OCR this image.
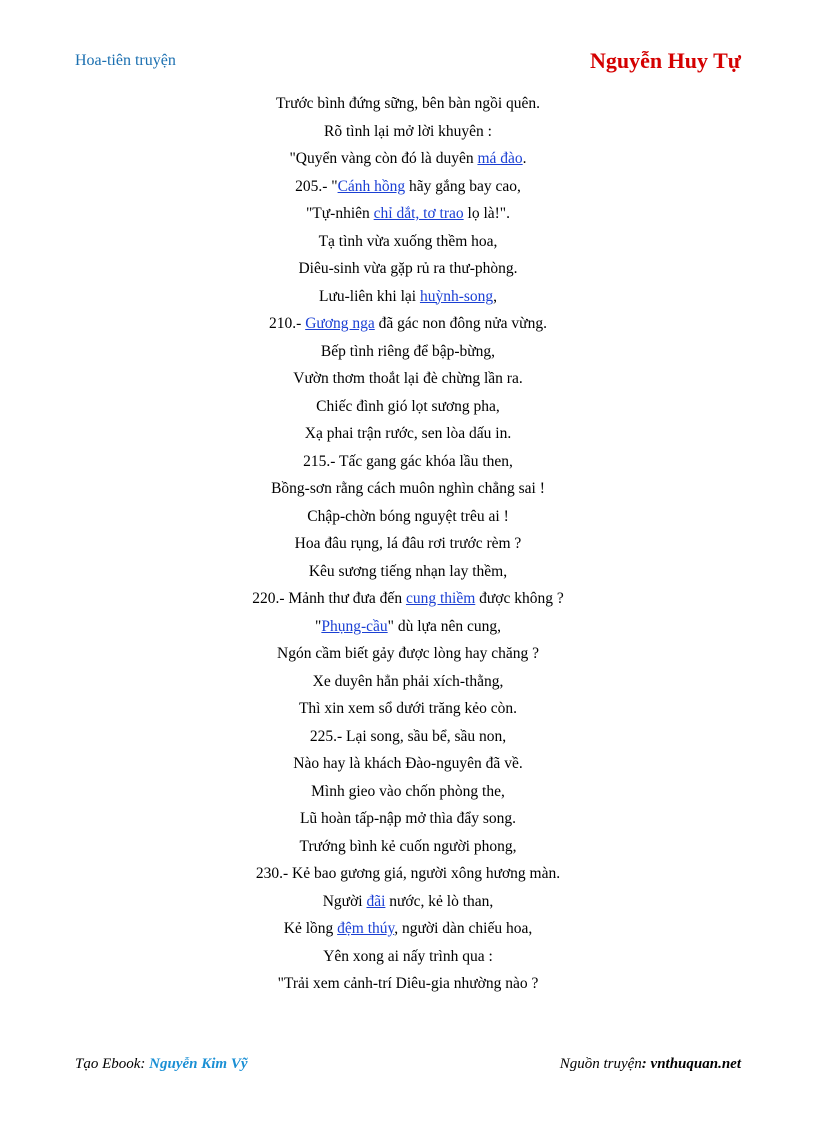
Hoa-tiên truyện	Nguyễn Huy Tự
Trước bình đứng sững, bên bàn ngồi quên.
Rõ tình lại mở lời khuyên :
"Quyển vàng còn đó là duyên má đào.
205.- "Cánh hồng hãy gắng bay cao,
"Tự-nhiên chỉ dắt, tơ trao lọ là!".
Tạ tình vừa xuống thềm hoa,
Diêu-sinh vừa gặp rủ ra thư-phòng.
Lưu-liên khi lại huỳnh-song,
210.- Gương nga đã gác non đông nửa vừng.
Bếp tình riêng để bập-bừng,
Vườn thơm thoắt lại đè chừng lần ra.
Chiếc đình gió lọt sương pha,
Xạ phai trận rước, sen lòa dấu in.
215.- Tấc gang gác khóa lầu then,
Bồng-sơn rằng cách muôn nghìn chẳng sai !
Chập-chờn bóng nguyệt trêu ai !
Hoa đâu rụng, lá đâu rơi trước rèm ?
Kêu sương tiếng nhạn lay thềm,
220.- Mảnh thư đưa đến cung thiềm được không ?
"Phụng-cầu" dù lựa nên cung,
Ngón cầm biết gảy được lòng hay chăng ?
Xe duyên hẳn phải xích-thằng,
Thì xin xem sổ dưới trăng kẻo còn.
225.- Lại song, sầu bể, sầu non,
Nào hay là khách Đào-nguyên đã về.
Mình gieo vào chốn phòng the,
Lũ hoàn tấp-nập mở thìa đẩy song.
Trướng bình kẻ cuốn người phong,
230.- Kẻ bao gương giá, người xông hương màn.
Người đãi nước, kẻ lò than,
Kẻ lồng đệm thúy, người dàn chiếu hoa,
Yên xong ai nấy trình qua :
"Trải xem cảnh-trí Diêu-gia nhường nào ?
Tạo Ebook: Nguyễn Kim Vỹ	Nguồn truyện: vnthuquan.net
